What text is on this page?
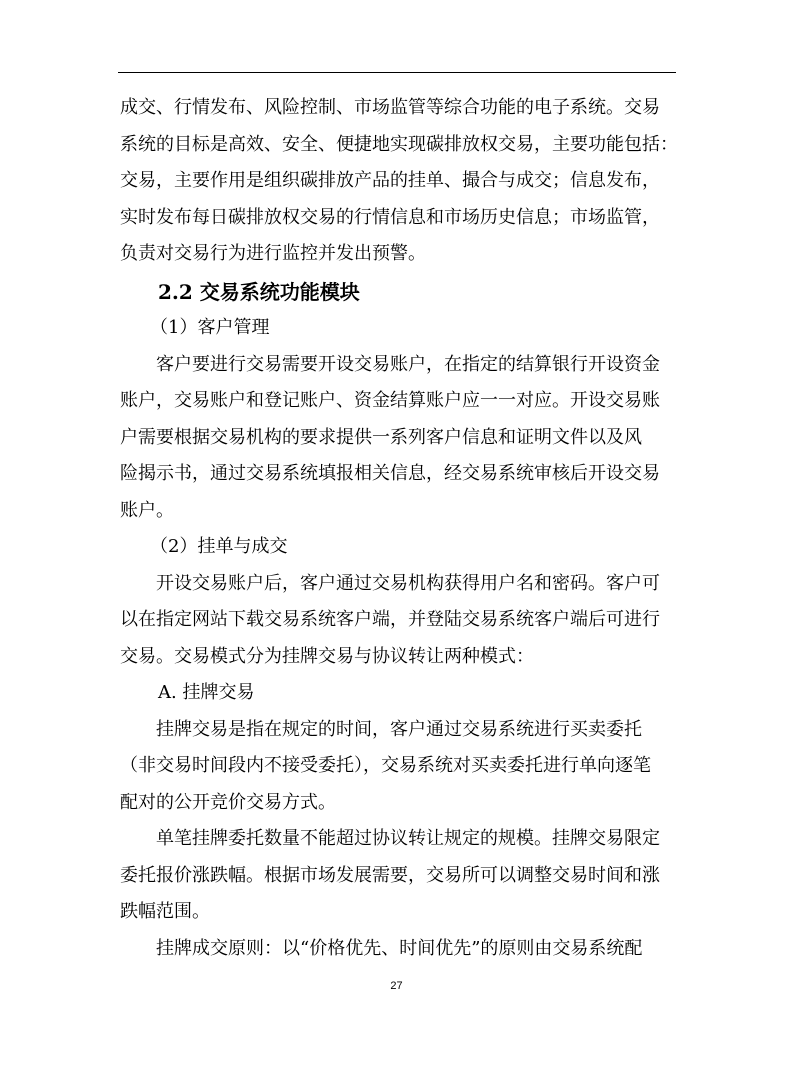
成交、行情发布、风险控制、市场监管等综合功能的电子系统。交易
系统的目标是高效、安全、便捷地实现碳排放权交易，主要功能包括：
交易，主要作用是组织碳排放产品的挂单、撮合与成交；信息发布，
实时发布每日碳排放权交易的行情信息和市场历史信息；市场监管，
负责对交易行为进行监控并发出预警。
2.2 交易系统功能模块
（1）客户管理
客户要进行交易需要开设交易账户，在指定的结算银行开设资金
账户，交易账户和登记账户、资金结算账户应一一对应。开设交易账
户需要根据交易机构的要求提供一系列客户信息和证明文件以及风
险揭示书，通过交易系统填报相关信息，经交易系统审核后开设交易
账户。
（2）挂单与成交
开设交易账户后，客户通过交易机构获得用户名和密码。客户可
以在指定网站下载交易系统客户端，并登陆交易系统客户端后可进行
交易。交易模式分为挂牌交易与协议转让两种模式：
A. 挂牌交易
挂牌交易是指在规定的时间，客户通过交易系统进行买卖委托
（非交易时间段内不接受委托），交易系统对买卖委托进行单向逐笔
配对的公开竞价交易方式。
单笔挂牌委托数量不能超过协议转让规定的规模。挂牌交易限定
委托报价涨跌幅。根据市场发展需要，交易所可以调整交易时间和涨
跌幅范围。
挂牌成交原则：以“价格优先、时间优先”的原则由交易系统配
27
